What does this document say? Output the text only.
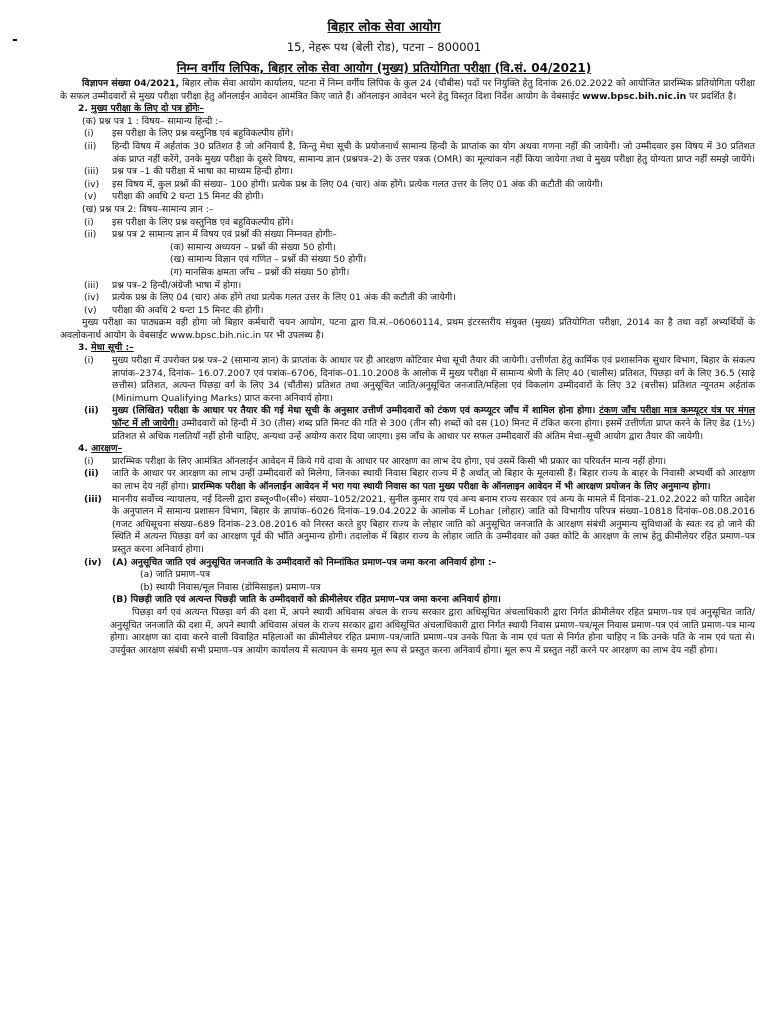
-
बिहार लोक सेवा आयोग
15, नेहरू पथ (बेली रोड), पटना – 800001
निम्न वर्गीय लिपिक, बिहार लोक सेवा आयोग (मुख्य) प्रतियोगिता परीक्षा (वि.सं. 04/2021)

विज्ञापन संख्या 04/2021, बिहार लोक सेवा आयोग कार्यालय, पटना में निम्न वर्गीय लिपिक के कुल 24 (चौबीस) पदों पर नियुक्ति हेतु दिनांक 26.02.2022 को आयोजित प्रारम्भिक प्रतियोगिता परीक्षा के सफल उम्मीदवारों से मुख्य परीक्षा परीक्षा हेतु ऑनलाईन आवेदन आमंत्रित किए जाते हैं। ऑनलाइन आवेदन भरने हेतु विस्तृत दिशा निर्देश आयोग के वेबसाईट www.bpsc.bih.nic.in पर प्रदर्शित है।

2. मुख्य परीक्षा के लिए दो पत्र होंगेः–

(क) प्रश्न पत्र 1 : विषय– सामान्य हिन्दी :–

(i)	इस परीक्षा के लिए प्रश्न वस्तुनिष्ठ एवं बहुविकल्पीय होंगे।
(ii)	हिन्दी विषय में अर्हतांक 30 प्रतिशत है जो अनिवार्य है, किन्तु मेधा सूची के प्रयोजनार्थ सामान्य हिन्दी के प्राप्तांक का योग अथवा गणना नहीं की जायेगी। जो उम्मीदवार इस विषय में 30 प्रतिशत अंक प्राप्त नहीं करेंगे, उनके मुख्य परीक्षा के दूसरे विषय, सामान्य ज्ञान (प्रश्नपत्र–2) के उत्तर पत्रक (OMR) का मूल्यांकन नहीं किया जायेगा तथा वे मुख्य परीक्षा हेतु योग्यता प्राप्त नहीं समझे जायेंगे।
(iii)	प्रश्न पत्र –1 की परीक्षा में भाषा का माध्यम हिन्दी होगा।
(iv)	इस विषय में, कुल प्रश्नों की संख्या– 100 होगी। प्रत्येक प्रश्न के लिए 04 (चार) अंक होंगे। प्रत्येक गलत उत्तर के लिए 01 अंक की कटौती की जायेगी।
(v)	परीक्षा की अवधि 2 घन्टा 15 मिनट की होगी।

(ख) प्रश्न पत्र 2: विषय–सामान्य ज्ञान :–

(i)	इस परीक्षा के लिए प्रश्न वस्तुनिष्ठ एवं बहुविकल्पीय होंगे।
(ii)	प्रश्न पत्र 2 सामान्य ज्ञान में विषय एवं प्रश्नों की संख्या निम्नवत होगीः–

(क) सामान्य अध्ययन – प्रश्नों की संख्या 50 होगी।

(ख) सामान्य विज्ञान एवं गणित – प्रश्नों की संख्या 50 होगी।

(ग) मानसिक क्षमता जाँच – प्रश्नों की संख्या 50 होगी।

(iii)	प्रश्न पत्र–2 हिन्दी/अंग्रेजी भाषा में होगा।
(iv)	प्रत्येक प्रश्न के लिए 04 (चार) अंक होंगे तथा प्रत्येक गलत उत्तर के लिए 01 अंक की कटौती की जायेगी।
(v)	परीक्षा की अवधि 2 घन्टा 15 मिनट की होगी।

मुख्य परीक्षा का पाठ्यक्रम वही होगा जो बिहार कर्मचारी चयन आयोग, पटना द्वारा वि.सं.–06060114, प्रथम इंटरस्तरीय संयुक्त (मुख्य) प्रतियोगिता परीक्षा, 2014 का है तथा वहाँ अभ्यर्थियों के अवलोकनार्थ आयोग के वेबसाईट www.bpsc.bih.nic.in पर भी उपलब्ध है।

3. मेधा सूची :–

(i)	मुख्य परीक्षा में उपरोक्त प्रश्न पत्र–2 (सामान्य ज्ञान) के प्राप्तांक के आधार पर ही आरक्षण कोटिवार मेधा सूची तैयार की जायेगी। उत्तीर्णता हेतु कार्मिक एवं प्रशासनिक सुधार विभाग, बिहार के संकल्प ज्ञापांक–2374, दिनांक– 16.07.2007 एवं पत्रांक–6706, दिनांक–01.10.2008 के आलोक में मुख्य परीक्षा में सामान्य श्रेणी के लिए 40 (चालीस) प्रतिशत, पिछड़ा वर्ग के लिए 36.5 (साढ़े छत्तीस) प्रतिशत, अत्यन्त पिछड़ा वर्ग के लिए 34 (चौंतीस) प्रतिशत तथा अनुसूचित जाति/अनुसूचित जनजाति/महिला एवं विकलांग उम्मीदवारों के लिए 32 (बत्तीस) प्रतिशत न्यूनतम अर्हतांक (Minimum Qualifying Marks) प्राप्त करना अनिवार्य होगा।
(ii)	मुख्य (लिखित) परीक्षा के आधार पर तैयार की गई मेधा सूची के अनुसार उत्तीर्ण उम्मीदवारों को टंकण एवं कम्प्यूटर जाँच में शामिल होना होगा। टंकण जाँच परीक्षा मात्र कम्प्यूटर यंत्र पर मंगल फॉन्ट में ली जायेगी। उम्मीदवारों को हिन्दी में 30 (तीस) शब्द प्रति मिनट की गति से 300 (तीन सौ) शब्दों को दस (10) मिनट में टंकित करना होगा। इसमें उत्तीर्णता प्राप्त करने के लिए डेढ (1½) प्रतिशत से अधिक गलतियाँ नहीं होनी चाहिए, अन्यथा उन्हें अयोग्य करार दिया जाएगा। इस जाँच के आधार पर सफल उम्मीदवारों की अंतिम मेधा–सूची आयोग द्वारा तैयार की जायेगी।

4. आरक्षण–

(i)	प्रारम्भिक परीक्षा के लिए आमंत्रित ऑनलाईन आवेदन में किये गये दावा के आधार पर आरक्षण का लाभ देय होगा, एवं उसमें किसी भी प्रकार का परिवर्तन मान्य नहीं होगा।
(ii)	जाति के आधार पर आरक्षण का लाभ उन्हीं उम्मीदवारों को मिलेगा, जिनका स्थायी निवास बिहार राज्य में है अर्थात् जो बिहार के मूलवासी हैं। बिहार राज्य के बाहर के निवासी अभ्यर्थी को आरक्षण का लाभ देय नहीं होगा। प्रारम्भिक परीक्षा के ऑनलाईन आवेदन में भरा गया स्थायी निवास का पता मुख्य परीक्षा के ऑनलाइन आवेदन में भी आरक्षण प्रयोजन के लिए अनुमान्य होगा।
(iii)	माननीय सर्वोच्च न्यायालय, नई दिल्ली द्वारा डब्लू०पी०(सी०) संख्या–1052/2021, सुनील कुमार राय एवं अन्य बनाम राज्य सरकार एवं अन्य के मामले में दिनांक–21.02.2022 को पारित आदेश के अनुपालन में सामान्य प्रशासन विभाग, बिहार के ज्ञापांक–6026 दिनांक–19.04.2022 के आलोक में Lohar (लोहार) जाति को विभागीय परिपत्र संख्या–10818 दिनांक–08.08.2016 (गजट अधिसूचना संख्या–689 दिनांक–23.08.2016 को निरस्त करते हुए बिहार राज्य के लोहार जाति को अनुसूचित जनजाति के आरक्षण संबंधी अनुमान्य सुविधाओं के स्वतः रद हो जाने की स्थिति में अत्यन्त पिछड़ा वर्ग का आरक्षण पूर्व की भाँति अनुमान्य होगी। तदालोक में बिहार राज्य के लोहार जाति के उम्मीदवार को उक्त कोटि के आरक्षण के लाभ हेतु क्रीमीलेयर रहित प्रमाण–पत्र प्रस्तुत करना अनिवार्य होगा।
(iv)	(A) अनुसूचित जाति एवं अनुसूचित जनजाति के उम्मीदवारों को निम्नांकित प्रमाण–पत्र जमा करना अनिवार्य होगा :–

(a) जाति प्रमाण–पत्र

(b) स्थायी निवास/मूल निवास (डोमिसाइल) प्रमाण–पत्र

(B) पिछड़ी जाति एवं अत्यन्त पिछड़ी जाति के उम्मीदवारों को क्रीमीलेयर रहित प्रमाण–पत्र जमा करना अनिवार्य होगा।

पिछड़ा वर्ग एवं अत्यन्त पिछड़ा वर्ग की दशा में, अपने स्थायी अधिवास अंचल के राज्य सरकार द्वारा अधिसूचित अंचलाधिकारी द्वारा निर्गत क्रीमीलेयर रहित प्रमाण–पत्र एवं अनुसूचित जाति/अनुसूचित जनजाति की दशा में, अपने स्थायी अधिवास अंचल के राज्य सरकार द्वारा अधिसूचित अंचलाधिकारी द्वारा निर्गत स्थायी निवास प्रमाण–पत्र/मूल निवास प्रमाण–पत्र एवं जाति प्रमाण–पत्र मान्य होगा। आरक्षण का दावा करने वाली विवाहित महिलाओं का क्रीमीलेयर रहित प्रमाण–पत्र/जाति प्रमाण–पत्र उनके पिता के नाम एवं पता से निर्गत होना चाहिए न कि उनके पति के नाम एवं पता से। उपर्युक्त आरक्षण संबंधी सभी प्रमाण–पत्र आयोग कार्यालय में सत्यापन के समय मूल रूप से प्रस्तुत करना अनिवार्य होगा। मूल रूप में प्रस्तुत नहीं करने पर आरक्षण का लाभ देय नहीं होगा।
